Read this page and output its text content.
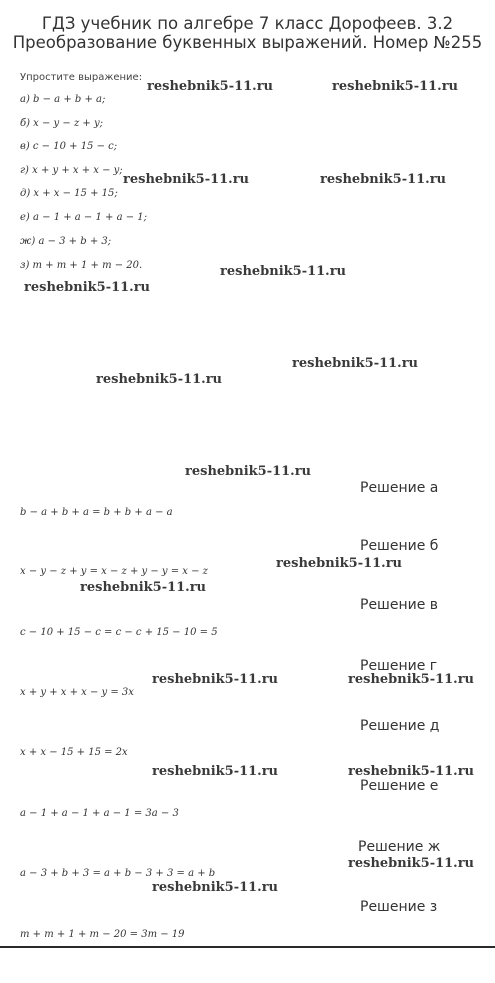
ГДЗ учебник по алгебре 7 класс Дорофеев. 3.2
Преобразование буквенных выражений. Номер №255
Упростите выражение:
а) b − a + b + a;
б) x − y − z + y;
в) c − 10 + 15 − c;
г) x + y + x + x − y;
д) x + x − 15 + 15;
е) a − 1 + a − 1 + a − 1;
ж) a − 3 + b + 3;
з) m + m + 1 + m − 20.
reshebnik5-11.ru	reshebnik5-11.ru
reshebnik5-11.ru	reshebnik5-11.ru
reshebnik5-11.ru
reshebnik5-11.ru
reshebnik5-11.ru
reshebnik5-11.ru
reshebnik5-11.ru
reshebnik5-11.ru
reshebnik5-11.ru
reshebnik5-11.ru	reshebnik5-11.ru
reshebnik5-11.ru	reshebnik5-11.ru
reshebnik5-11.ru
reshebnik5-11.ru
Решение а
b − a + b + a = b + b + a − a
Решение б
x − y − z + y = x − z + y − y = x − z
Решение в
c − 10 + 15 − c = c − c + 15 − 10 = 5
Решение г
x + y + x + x − y = 3x
Решение д
x + x − 15 + 15 = 2x
Решение е
a − 1 + a − 1 + a − 1 = 3a − 3
Решение ж
a − 3 + b + 3 = a + b − 3 + 3 = a + b
Решение з
m + m + 1 + m − 20 = 3m − 19
